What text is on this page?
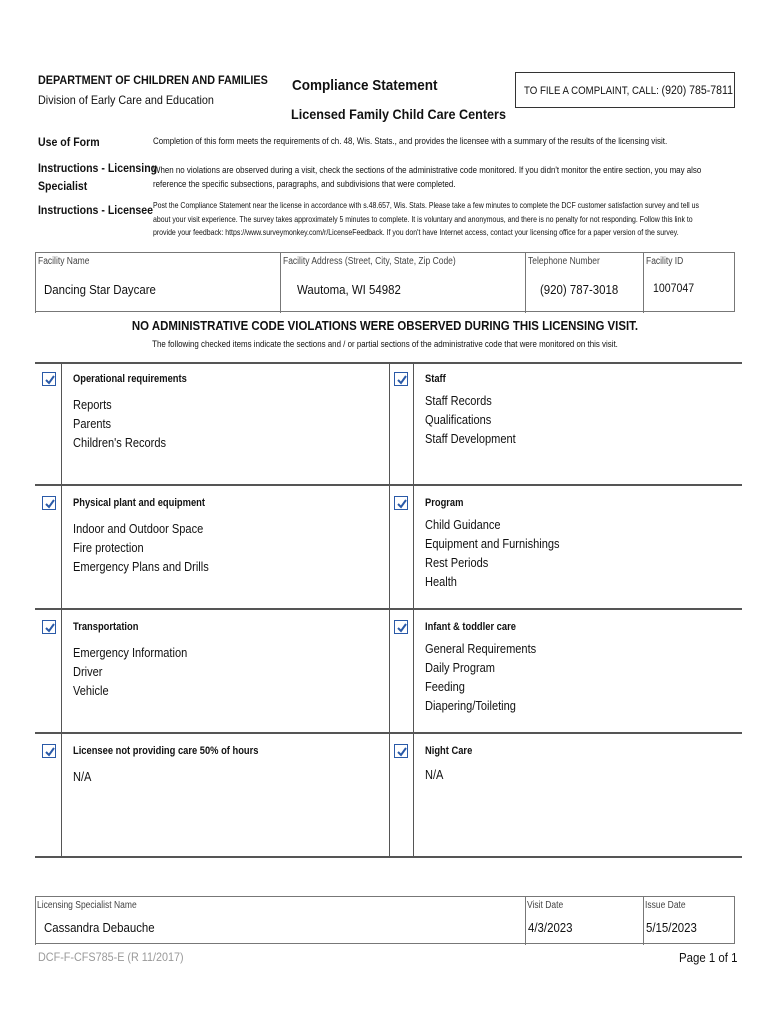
DEPARTMENT OF CHILDREN AND FAMILIES
Division of Early Care and Education
Compliance Statement
Licensed Family Child Care Centers
TO FILE A COMPLAINT, CALL: (920) 785-7811
Use of Form	Completion of this form meets the requirements of ch. 48, Wis. Stats., and provides the licensee with a summary of the results of the licensing visit.
Instructions - Licensing
Specialist
When no violations are observed during a visit, check the sections of the administrative code monitored. If you didn't monitor the entire section, you may also reference the specific subsections, paragraphs, and subdivisions that were completed.
Instructions - Licensee Post the Compliance Statement near the license in accordance with s.48.657, Wis. Stats. Please take a few minutes to complete the DCF customer satisfaction survey and tell us about your visit experience. The survey takes approximately 5 minutes to complete. It is voluntary and anonymous, and there is no penalty for not responding. Follow this link to provide your feedback: https://www.surveymonkey.com/r/LicenseFeedback. If you don't have Internet access, contact your licensing office for a paper version of the survey.
Facility Name
Dancing Star Daycare
Facility Address (Street, City, State, Zip Code)
Wautoma, WI 54982
Telephone Number
(920) 787-3018
Facility ID
1007047
NO ADMINISTRATIVE CODE VIOLATIONS WERE OBSERVED DURING THIS LICENSING VISIT.
The following checked items indicate the sections and / or partial sections of the administrative code that were monitored on this visit.
Operational requirements
Reports
Parents
Children's Records
Staff
Staff Records
Qualifications
Staff Development
Physical plant and equipment
Indoor and Outdoor Space
Fire protection
Emergency Plans and Drills
Program
Child Guidance
Equipment and Furnishings
Rest Periods
Health
Transportation
Emergency Information
Driver
Vehicle
Infant & toddler care
General Requirements
Daily Program
Feeding
Diapering/Toileting
Licensee not providing care 50% of hours
N/A
Night Care
N/A
Licensing Specialist Name
Cassandra Debauche
Visit Date
4/3/2023
Issue Date
5/15/2023
DCF-F-CFS785-E (R 11/2017)	Page 1 of 1
